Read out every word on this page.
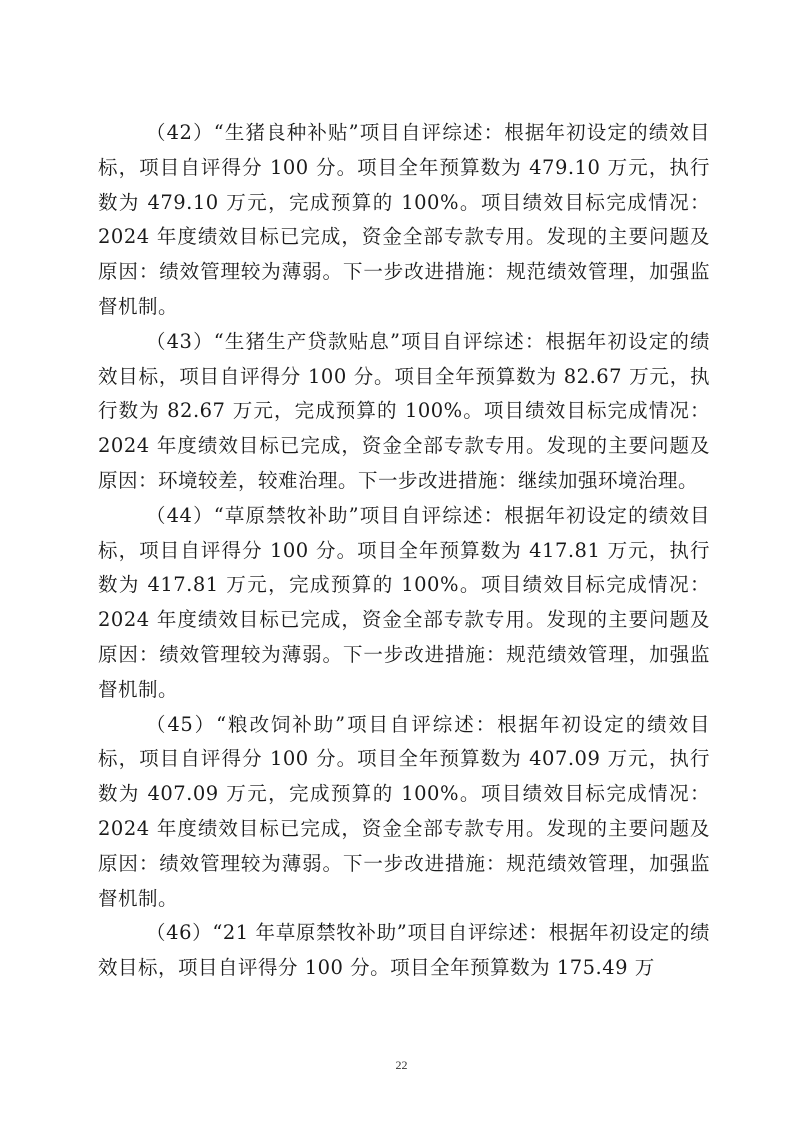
（42）“生猪良种补贴”项目自评综述：根据年初设定的绩效目标，项目自评得分 100 分。项目全年预算数为 479.10 万元，执行数为 479.10 万元，完成预算的 100%。项目绩效目标完成情况：2024 年度绩效目标已完成，资金全部专款专用。发现的主要问题及原因：绩效管理较为薄弱。下一步改进措施：规范绩效管理，加强监督机制。

（43）“生猪生产贷款贴息”项目自评综述：根据年初设定的绩效目标，项目自评得分 100 分。项目全年预算数为 82.67 万元，执行数为 82.67 万元，完成预算的 100%。项目绩效目标完成情况：2024 年度绩效目标已完成，资金全部专款专用。发现的主要问题及原因：环境较差，较难治理。下一步改进措施：继续加强环境治理。

（44）“草原禁牧补助”项目自评综述：根据年初设定的绩效目标，项目自评得分 100 分。项目全年预算数为 417.81 万元，执行数为 417.81 万元，完成预算的 100%。项目绩效目标完成情况：2024 年度绩效目标已完成，资金全部专款专用。发现的主要问题及原因：绩效管理较为薄弱。下一步改进措施：规范绩效管理，加强监督机制。

（45）“粮改饲补助”项目自评综述：根据年初设定的绩效目标，项目自评得分 100 分。项目全年预算数为 407.09 万元，执行数为 407.09 万元，完成预算的 100%。项目绩效目标完成情况：2024 年度绩效目标已完成，资金全部专款专用。发现的主要问题及原因：绩效管理较为薄弱。下一步改进措施：规范绩效管理，加强监督机制。

（46）“21 年草原禁牧补助”项目自评综述：根据年初设定的绩效目标，项目自评得分 100 分。项目全年预算数为 175.49 万

22
